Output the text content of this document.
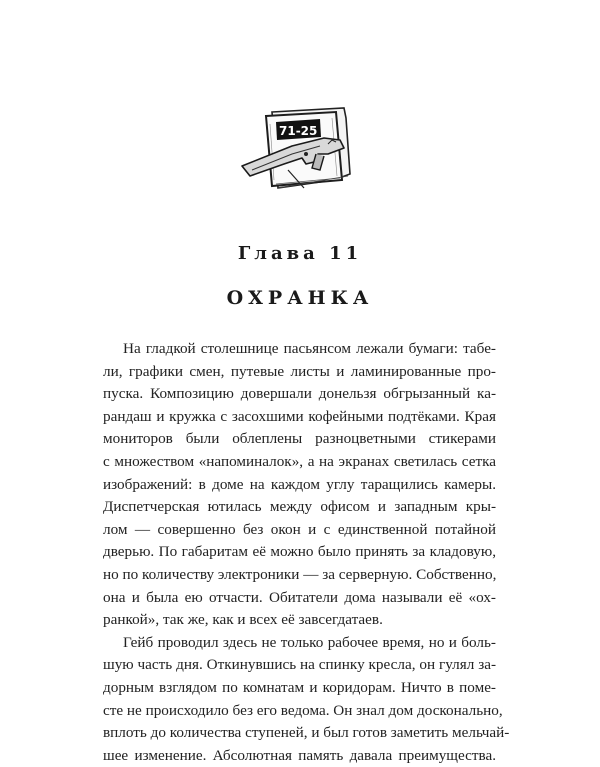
71-25
Глава 11
ОХРАНКА
На гладкой столешнице пасьянсом лежали бумаги: табе-
ли, графики смен, путевые листы и ламинированные про-
пуска. Композицию довершали донельзя обгрызанный ка-
рандаш и кружка с засохшими кофейными подтёками. Края
мониторов были облеплены разноцветными стикерами
с множеством «напоминалок», а на экранах светилась сетка
изображений: в доме на каждом углу таращились камеры.
Диспетчерская ютилась между офисом и западным кры-
лом — совершенно без окон и с единственной потайной
дверью. По габаритам её можно было принять за кладовую,
но по количеству электроники — за серверную. Собственно,
она и была ею отчасти. Обитатели дома называли её «ох-
ранкой», так же, как и всех её завсегдатаев.
Гейб проводил здесь не только рабочее время, но и боль-
шую часть дня. Откинувшись на спинку кресла, он гулял за-
дорным взглядом по комнатам и коридорам. Ничто в поме-
сте не происходило без его ведома. Он знал дом досконально,
вплоть до количества ступеней, и был готов заметить мельчай-
шее изменение. Абсолютная память давала преимущества.
